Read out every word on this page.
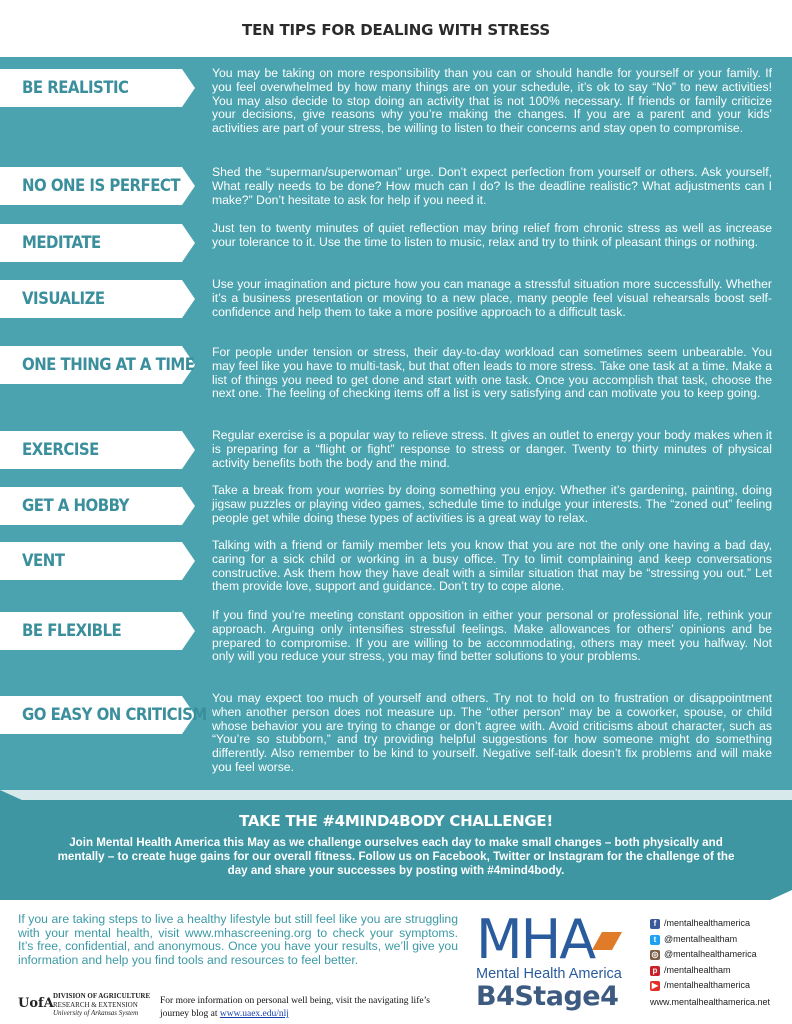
TEN TIPS FOR DEALING WITH STRESS
BE REALISTIC
You may be taking on more responsibility than you can or should handle for yourself or your family. If you feel overwhelmed by how many things are on your schedule, it’s ok to say “No” to new activities! You may also decide to stop doing an activity that is not 100% necessary. If friends or family criticize your decisions, give reasons why you’re making the changes. If you are a parent and your kids’ activities are part of your stress, be willing to listen to their concerns and stay open to compromise.
NO ONE IS PERFECT
Shed the “superman/superwoman” urge. Don’t expect perfection from yourself or others. Ask yourself, What really needs to be done? How much can I do? Is the deadline realistic? What adjustments can I make?” Don’t hesitate to ask for help if you need it.
MEDITATE
Just ten to twenty minutes of quiet reflection may bring relief from chronic stress as well as increase your tolerance to it. Use the time to listen to music, relax and try to think of pleasant things or nothing.
VISUALIZE
Use your imagination and picture how you can manage a stressful situation more successfully. Whether it’s a business presentation or moving to a new place, many people feel visual rehearsals boost self-confidence and help them to take a more positive approach to a difficult task.
ONE THING AT A TIME
For people under tension or stress, their day-to-day workload can sometimes seem unbearable. You may feel like you have to multi-task, but that often leads to more stress. Take one task at a time. Make a list of things you need to get done and start with one task. Once you accomplish that task, choose the next one. The feeling of checking items off a list is very satisfying and can motivate you to keep going.
EXERCISE
Regular exercise is a popular way to relieve stress. It gives an outlet to energy your body makes when it is preparing for a “flight or fight” response to stress or danger. Twenty to thirty minutes of physical activity benefits both the body and the mind.
GET A HOBBY
Take a break from your worries by doing something you enjoy. Whether it’s gardening, painting, doing jigsaw puzzles or playing video games, schedule time to indulge your interests. The “zoned out” feeling people get while doing these types of activities is a great way to relax.
VENT
Talking with a friend or family member lets you know that you are not the only one having a bad day, caring for a sick child or working in a busy office. Try to limit complaining and keep conversations constructive. Ask them how they have dealt with a similar situation that may be “stressing you out.” Let them provide love, support and guidance. Don’t try to cope alone.
BE FLEXIBLE
If you find you’re meeting constant opposition in either your personal or professional life, rethink your approach. Arguing only intensifies stressful feelings. Make allowances for others’ opinions and be prepared to compromise. If you are willing to be accommodating, others may meet you halfway. Not only will you reduce your stress, you may find better solutions to your problems.
GO EASY ON CRITICISM
You may expect too much of yourself and others. Try not to hold on to frustration or disappointment when another person does not measure up. The “other person” may be a coworker, spouse, or child whose behavior you are trying to change or don’t agree with. Avoid criticisms about character, such as “You’re so stubborn,” and try providing helpful suggestions for how someone might do something differently. Also remember to be kind to yourself. Negative self-talk doesn’t fix problems and will make you feel worse.
TAKE THE #4MIND4BODY CHALLENGE!
Join Mental Health America this May as we challenge ourselves each day to make small changes – both physically and mentally – to create huge gains for our overall fitness. Follow us on Facebook, Twitter or Instagram for the challenge of the day and share your successes by posting with #4mind4body.
If you are taking steps to live a healthy lifestyle but still feel like you are struggling with your mental health, visit www.mhascreening.org to check your symptoms. It’s free, confidential, and anonymous. Once you have your results, we’ll give you information and help you find tools and resources to feel better.
UofA DIVISION OF AGRICULTURE
RESEARCH & EXTENSION
University of Arkansas System
For more information on personal well being, visit the navigating life’s journey blog at www.uaex.edu/nlj
MHA
Mental Health America
B4Stage4
f /mentalhealthamerica
t @mentalhealtham
◎ @mentalhealthamerica
p /mentalhealtham
▶ /mentalhealthamerica
www.mentalhealthamerica.net
